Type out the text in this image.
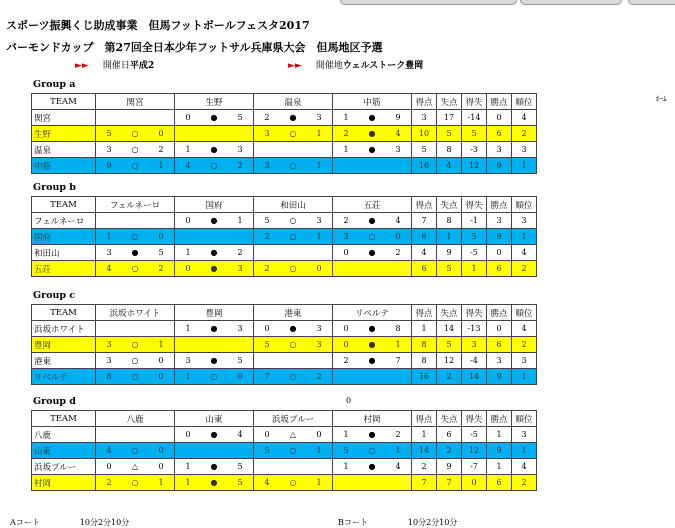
スポーツ振興くじ助成事業　但馬フットボールフェスタ2017
バーモンドカップ　第27回全日本少年フットサル兵庫県大会　但馬地区予選
►► 開催日平成2	►► 開催地ウェルストーク豊岡
ﾎｰﾑ
Group a
TEAM	関宮			生野			温泉			中筋			得点	失点	得失	勝点	順位
関宮				0	●	5	2	●	3	1	●	9	3	17	-14	0	4
生野	5	○	0				3	○	1	2	●	4	10	5	5	6	2
温泉	3	○	2	1	●	3				1	●	3	5	8	-3	3	3
中筋	9	○	1	4	○	2	3	○	1				16	4	12	9	1
Group b
TEAM	フェルネーロ			国府			和田山			五荘			得点	失点	得失	勝点	順位
フェルネーロ				0	●	1	5	○	3	2	●	4	7	8	-1	3	3
国府	1	○	0				2	○	1	3	○	0	6	1	5	9	1
和田山	3	●	5	1	●	2				0	●	2	4	9	-5	0	4
五荘	4	○	2	0	●	3	2	○	0				6	5	1	6	2
Group c
TEAM	浜坂ホワイト			豊岡			港東			リベルテ			得点	失点	得失	勝点	順位
浜坂ホワイト				1	●	3	0	●	3	0	●	8	1	14	-13	0	4
豊岡	3	○	1				5	○	3	0	●	1	8	5	3	6	2
港東	3	○	0	3	●	5				2	●	7	8	12	-4	3	3
リベルテ	8	○	0	1	○	0	7	○	2				16	2	14	9	1
Group d
TEAM	八鹿			山東			浜坂ブルー			村岡			得点	失点	得失	勝点	順位
八鹿				0	●	4	0	△	0	1	●	2	1	6	-5	1	3
山東	4	○	0				5	○	1	5	○	1	14	2	12	9	1
浜坂ブルー	0	△	0	1	●	5				1	●	4	2	9	-7	1	4
村岡	2	○	1	1	●	5	4	○	1				7	7	0	6	2
0
Aコート	10分2分10分	Bコート	10分2分10分
